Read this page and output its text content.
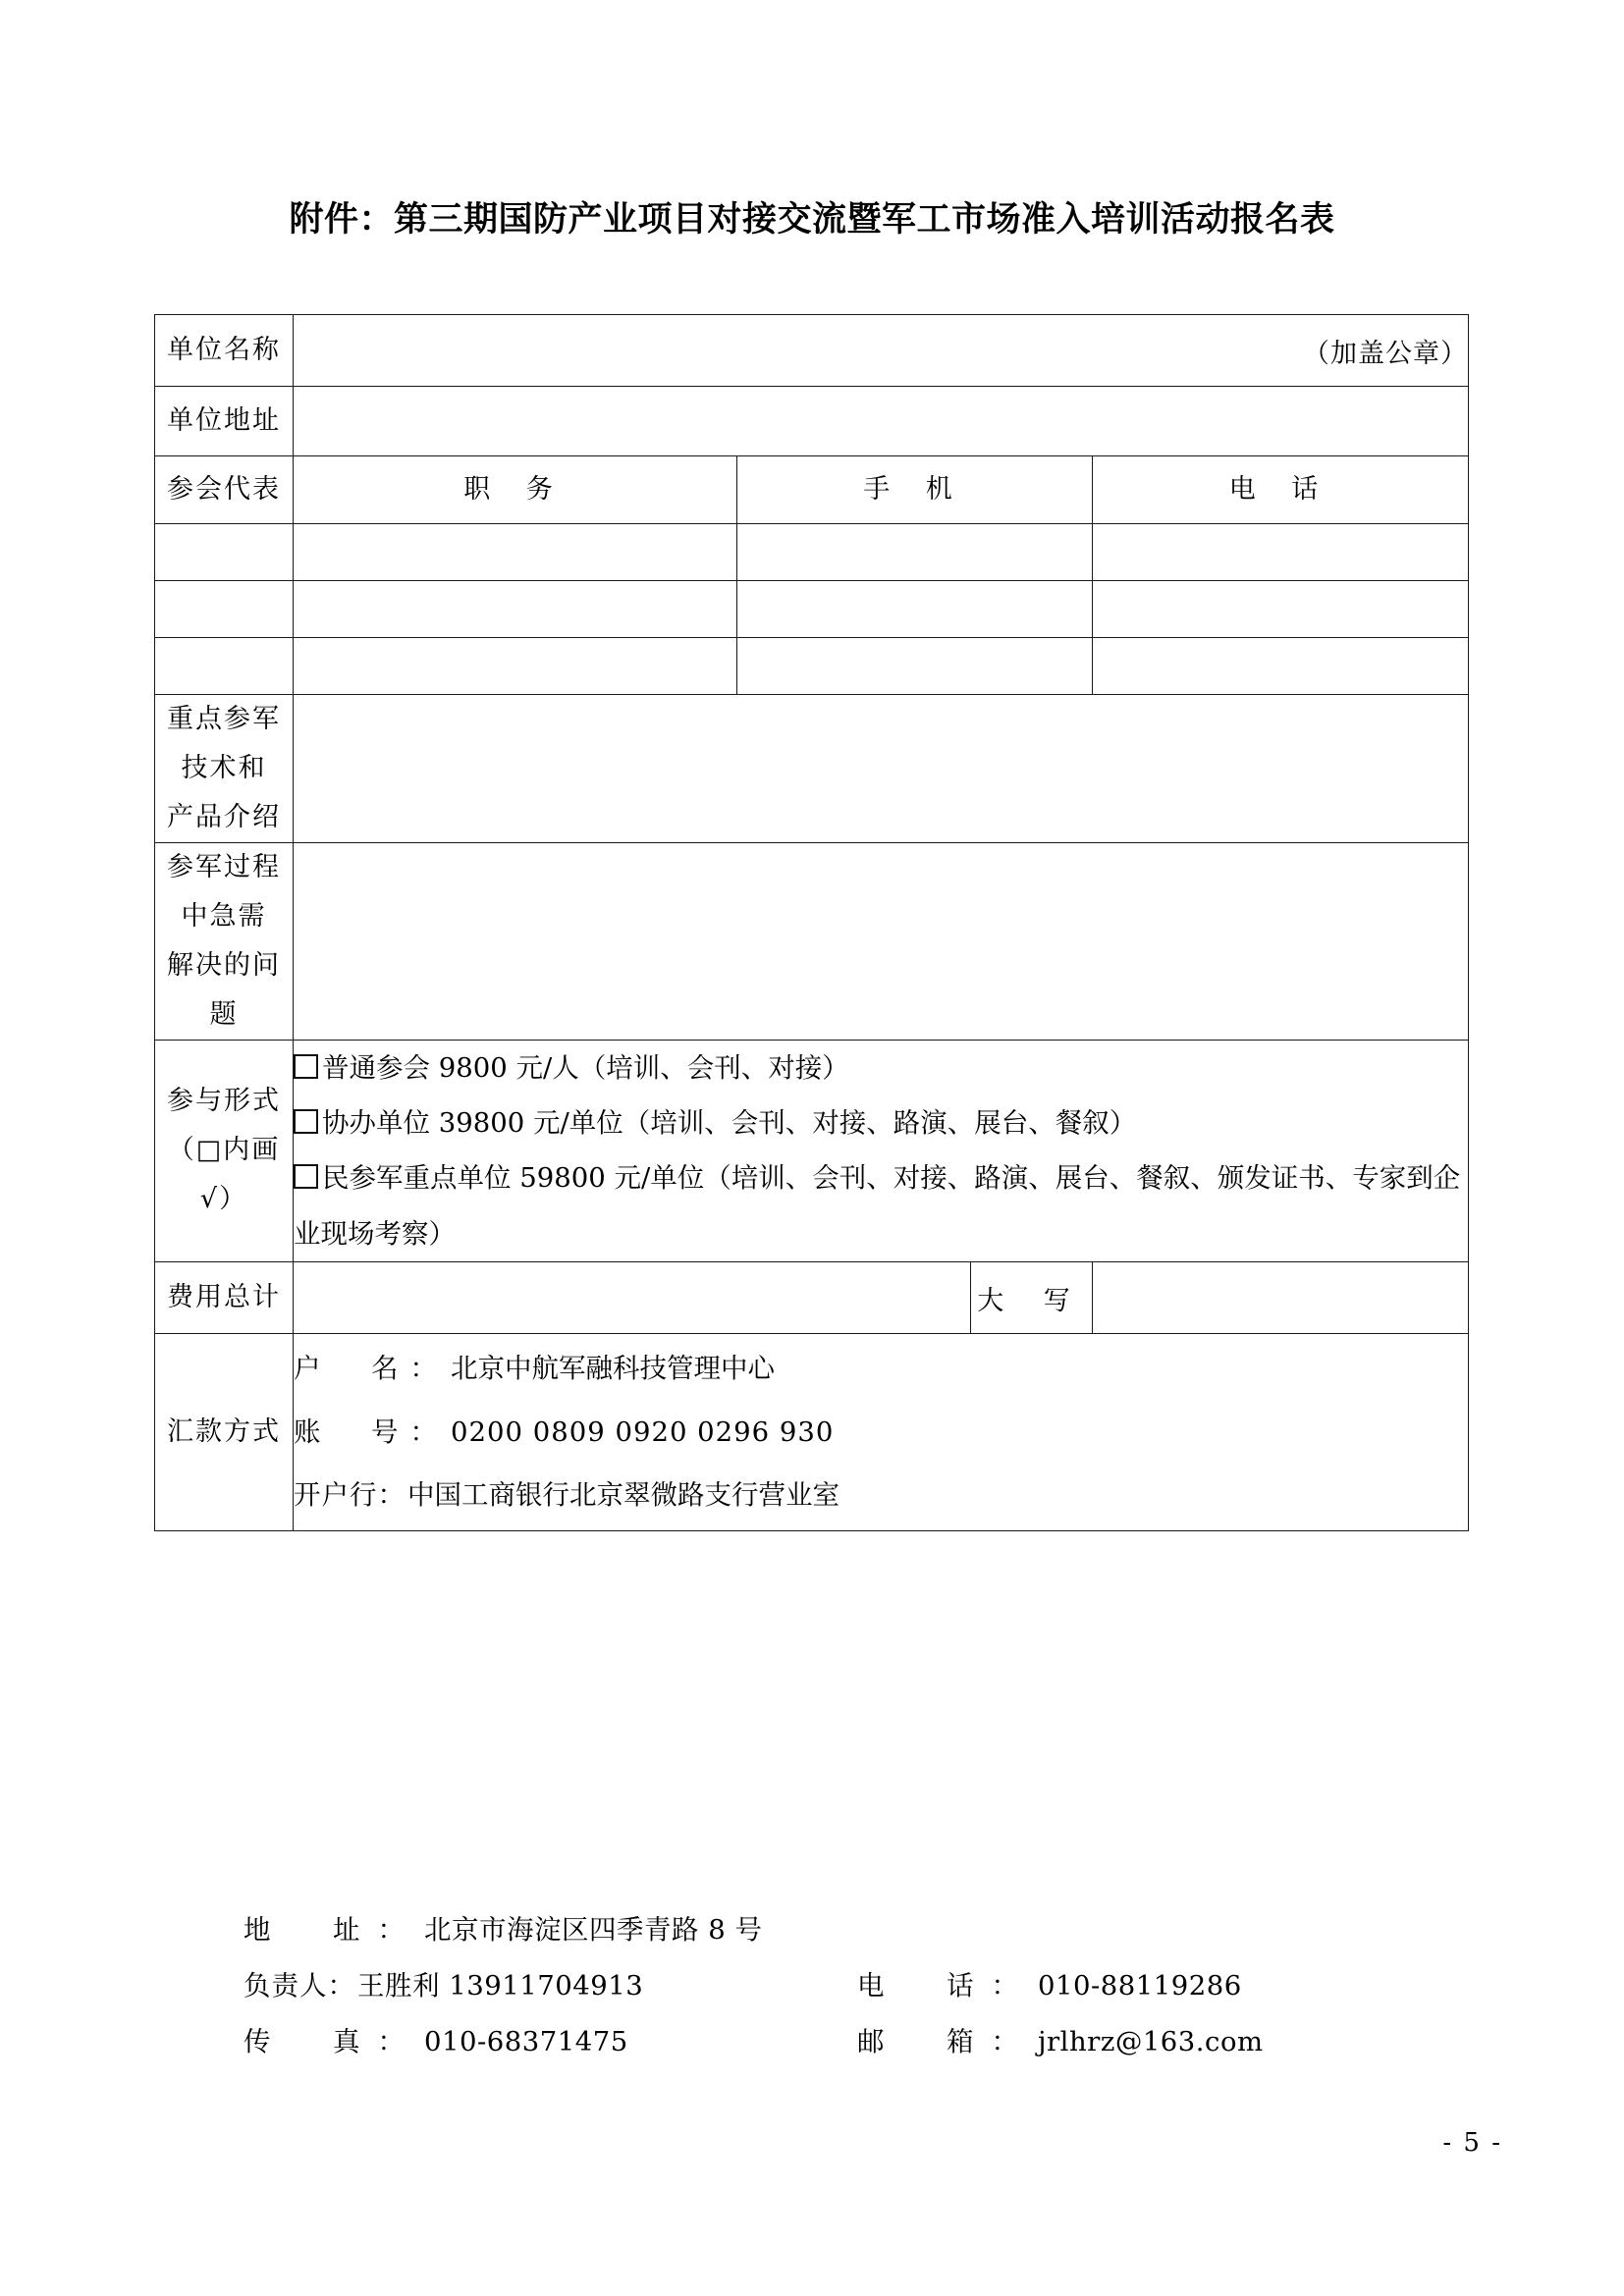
附件：第三期国防产业项目对接交流暨军工市场准入培训活动报名表
单位名称	（加盖公章）			
单位地址				
参会代表	职 务	手 机		电 话

重点参军技术和
产品介绍				

参军过程中急需
解决的问题				

参与形式
（□内画√）

普通参会 9800 元/人（培训、会刊、对接）
协办单位 39800 元/单位（培训、会刊、对接、路演、展台、餐叙）
民参军重点单位 59800 元/单位（培训、会刊、对接、路演、展台、餐叙、颁发证书、专家到企业现场考察）

费用总计			大 写	
汇款方式	户　名：北京中航军融科技管理中心
账　号：0200 0809 0920 0296 930
开户行：中国工商银行北京翠微路支行营业室			
地　址：北京市海淀区四季青路 8 号
负责人：王胜利 13911704913	电　话：010-88119286
传　真：010-68371475	邮　箱：jrlhrz@163.com
- 5 -
